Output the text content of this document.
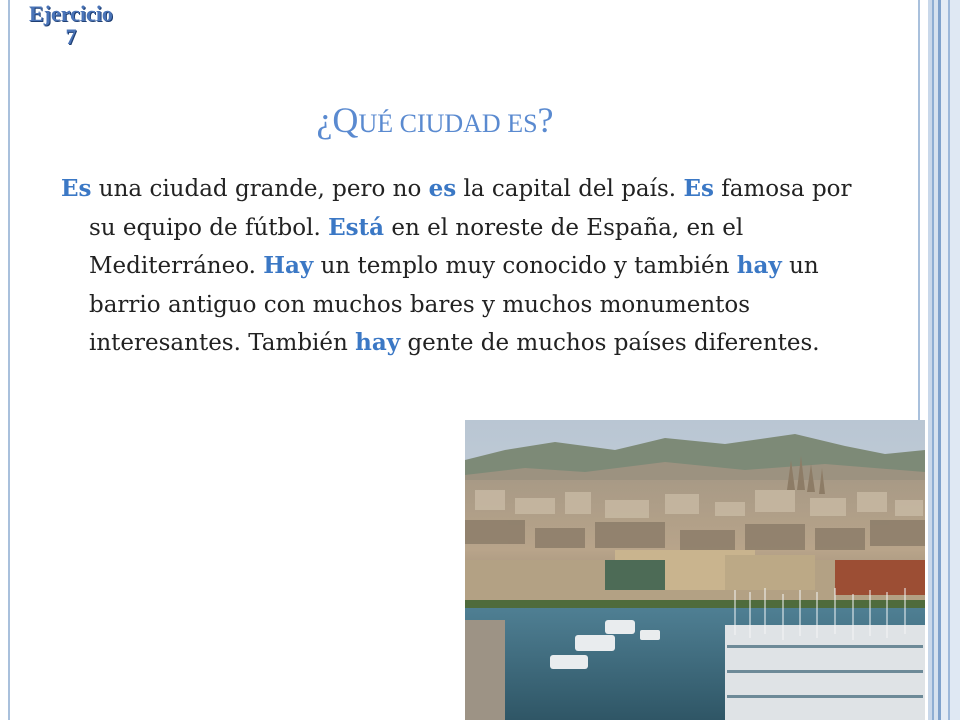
Ejercicio
7
¿QUÉ CIUDAD ES?

Es una ciudad grande, pero no es la capital del país. Es famosa por su equipo de fútbol. Está en el noreste de España, en el Mediterráneo. Hay un templo muy conocido y también hay un barrio antiguo con muchos bares y muchos monumentos interesantes. También hay gente de muchos países diferentes.
